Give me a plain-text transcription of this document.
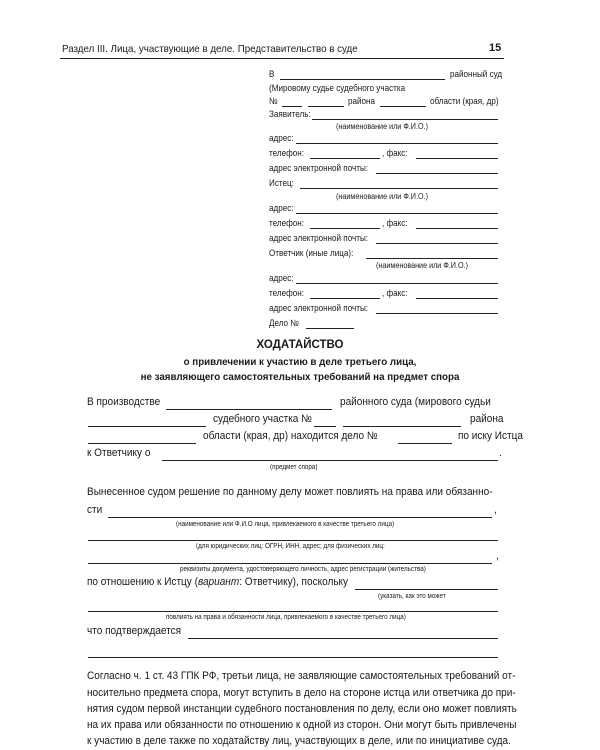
Раздел III. Лица, участвующие в деле. Представительство в суде	15
В	районный суд
(Мировому судье судебного участка
№	района	области (края, др)
Заявитель:
(наименование или Ф.И.О.)
адрес:
телефон:	, факс:
адрес электронной почты:
Истец:
(наименование или Ф.И.О.)
адрес:
телефон:	, факс:
адрес электронной почты:
Ответчик (иные лица):
(наименование или Ф.И.О.)
адрес:
телефон:	, факс:
адрес электронной почты:
Дело №
ХОДАТАЙСТВО
о привлечении к участию в деле третьего лица,
не заявляющего самостоятельных требований на предмет спора
В производстве	районного суда (мирового судьи
судебного участка №	района
области (края, др) находится дело №	по иску Истца
к Ответчику о	.
(предмет спора)
Вынесенное судом решение по данному делу может повлиять на права или обязанно-
сти	,
(наименование или Ф.И.О лица, привлекаемого в качестве третьего лица)
(для юридических лиц: ОГРН, ИНН, адрес; для физических лиц:
,
реквизиты документа, удостоверяющего личность, адрес регистрации (жительства)
по отношению к Истцу (вариант: Ответчику), поскольку
(указать, как это может
повлиять на права и обязанности лица, привлекаемого в качестве третьего лица)
что подтверждается
Согласно ч. 1 ст. 43 ГПК РФ, третьи лица, не заявляющие самостоятельных требований от-
носительно предмета спора, могут вступить в дело на стороне истца или ответчика до при-
нятия судом первой инстанции судебного постановления по делу, если оно может повлиять
на их права или обязанности по отношению к одной из сторон. Они могут быть привлечены
к участию в деле также по ходатайству лиц, участвующих в деле, или по инициативе суда.
